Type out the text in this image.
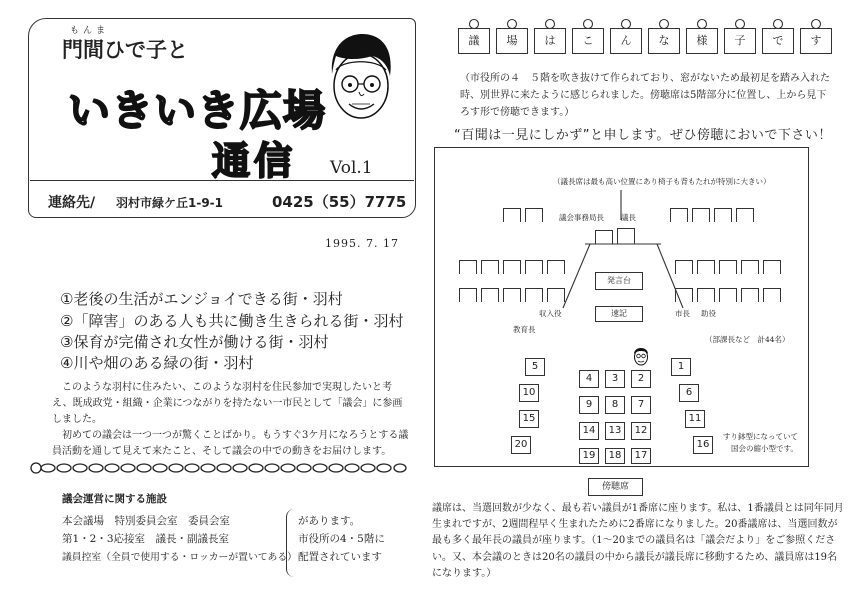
もんま
門間ひで子と
いきいき広場
通信 Vol.1
連絡先/ 羽村市緑ケ丘1-9-1	0425（55）7775
1995. 7. 17
①老後の生活がエンジョイできる街・羽村
②「障害」のある人も共に働き生きられる街・羽村
③保育が完備され女性が働ける街・羽村
④川や畑のある緑の街・羽村

このような羽村に住みたい、このような羽村を住民参加で実現したいと考え、既成政党・組織・企業につながりを持たない一市民として「議会」に参画しました。

初めての議会は一つ一つが驚くことばかり。もうすぐ3ケ月になろうとする議員活動を通して見えて来たこと、そして議会の中での動きをお届けします。

議会運営に関する施設
本会議場　特別委員会室　委員会室
第1・2・3応接室　議長・副議長室
議員控室（全員で使用する・ロッカーが置いてある）
があります。
市役所の4・5階に
配置されています
議	場	は	こ	ん	な	様	子	で	す
（市役所の４　５階を吹き抜けて作られており、窓がないため最初足を踏み入れた時、別世界に来たように感じられました。傍聴席は5階部分に位置し、上から見下ろす形で傍聴できます。）
“百聞は一見にしかず”と申します。ぜひ傍聴においで下さい！
（議長席は最も高い位置にあり椅子も背もたれが特別に大きい）
議会事務局長 議長
発言台
速記
収入役
教育長
市長 助役
（部課長など　計44名）
5
10
15
20
4	3	2
9	8	7
14	13	12
19	18	17
1
6
11
16
すり鉢型になっていて
国会の縮小型です。
傍聴席
議席は、当選回数が少なく、最も若い議員が1番席に座ります。私は、1番議員とは同年同月生まれですが、2週間程早く生まれたために2番席になりました。20番議席は、当選回数が最も多く最年長の議員が座ります。（1〜20までの議員名は「議会だより」をご参照ください。又、本会議のときは20名の議員の中から議長が議長席に移動するため、議員席は19名になります。）
